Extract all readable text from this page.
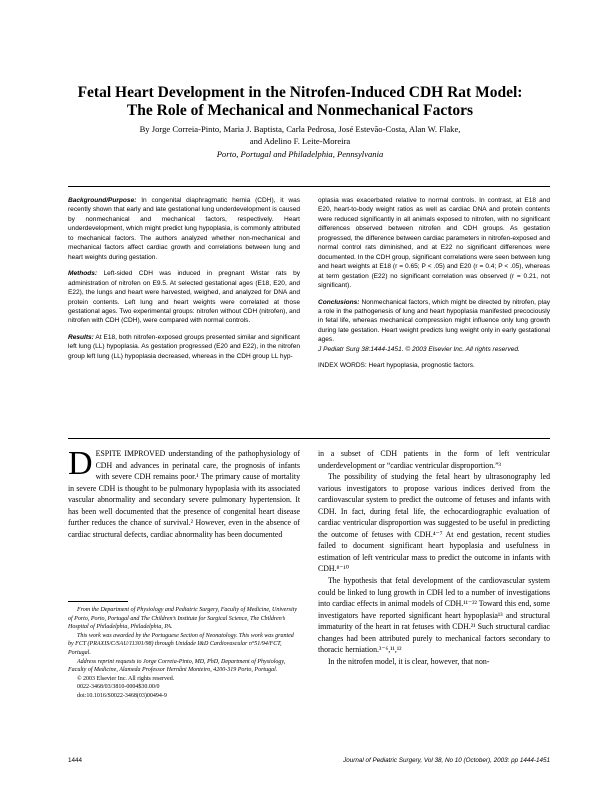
Fetal Heart Development in the Nitrofen-Induced CDH Rat Model:
The Role of Mechanical and Nonmechanical Factors
By Jorge Correia-Pinto, Maria J. Baptista, Carla Pedrosa, José Estevão-Costa, Alan W. Flake,
and Adelino F. Leite-Moreira
Porto, Portugal and Philadelphia, Pennsylvania

Background/Purpose: In congenital diaphragmatic hernia (CDH), it was recently shown that early and late gestational lung underdevelopment is caused by nonmechanical and mechanical factors, respectively. Heart underdevelopment, which might predict lung hypoplasia, is commonly attributed to mechanical factors. The authors analyzed whether non-mechanical and mechanical factors affect cardiac growth and correlations between lung and heart weights during gestation.

Methods: Left-sided CDH was induced in pregnant Wistar rats by administration of nitrofen on E9.5. At selected gestational ages (E18, E20, and E22), the lungs and heart were harvested, weighed, and analyzed for DNA and protein contents. Left lung and heart weights were correlated at those gestational ages. Two experimental groups: nitrofen without CDH (nitrofen), and nitrofen with CDH (CDH), were compared with normal controls.

Results: At E18, both nitrofen-exposed groups presented similar and significant left lung (LL) hypoplasia. As gestation progressed (E20 and E22), in the nitrofen group left lung (LL) hypoplasia decreased, whereas in the CDH group LL hyp-

oplasia was exacerbated relative to normal controls. In contrast, at E18 and E20, heart-to-body weight ratios as well as cardiac DNA and protein contents were reduced significantly in all animals exposed to nitrofen, with no significant differences observed between nitrofen and CDH groups. As gestation progressed, the difference between cardiac parameters in nitrofen-exposed and normal control rats diminished, and at E22 no significant differences were documented. In the CDH group, significant correlations were seen between lung and heart weights at E18 (r = 0.65; P < .05) and E20 (r = 0.4; P < .05), whereas at term gestation (E22) no significant correlation was observed (r = 0.21, not significant).

Conclusions: Nonmechanical factors, which might be directed by nitrofen, play a role in the pathogenesis of lung and heart hypoplasia manifested precociously in fetal life, whereas mechanical compression might influence only lung growth during late gestation. Heart weight predicts lung weight only in early gestational ages.
J Pediatr Surg 38:1444-1451. © 2003 Elsevier Inc. All rights reserved.

INDEX WORDS: Heart hypoplasia, prognostic factors.

DESPITE IMPROVED understanding of the pathophysiology of CDH and advances in perinatal care, the prognosis of infants with severe CDH remains poor.¹ The primary cause of mortality in severe CDH is thought to be pulmonary hypoplasia with its associated vascular abnormality and secondary severe pulmonary hypertension. It has been well documented that the presence of congenital heart disease further reduces the chance of survival.² However, even in the absence of cardiac structural defects, cardiac abnormality has been documented

From the Department of Physiology and Pediatric Surgery, Faculty of Medicine, University of Porto, Porto, Portugal and The Children’s Institute for Surgical Science, The Children’s Hospital of Philadelphia, Philadelphia, PA.

This work was awarded by the Portuguese Section of Neonatology. This work was granted by FCT (PRAXIS/C/SAU/11301/98) through Unidade I&D Cardiovascular n°51/94/FCT, Portugal.

Address reprint requests to Jorge Correia-Pinto, MD, PhD, Department of Physiology, Faculty of Medicine, Alameda Professor Hernâni Monteiro, 4200-319 Porto, Portugal.

© 2003 Elsevier Inc. All rights reserved.

0022-3468/03/3810-0004$30.00/0

doi:10.1016/S0022-3468(03)00494-9

in a subset of CDH patients in the form of left ventricular underdevelopment or “cardiac ventricular disproportion.”³

The possibility of studying the fetal heart by ultrasonography led various investigators to propose various indices derived from the cardiovascular system to predict the outcome of fetuses and infants with CDH. In fact, during fetal life, the echocardiographic evaluation of cardiac ventricular disproportion was suggested to be useful in predicting the outcome of fetuses with CDH.⁴⁻⁷ At end gestation, recent studies failed to document significant heart hypoplasia and usefulness in estimation of left ventricular mass to predict the outcome in infants with CDH.⁸⁻¹⁰

The hypothesis that fetal development of the cardiovascular system could be linked to lung growth in CDH led to a number of investigations into cardiac effects in animal models of CDH.¹¹⁻²² Toward this end, some investigators have reported significant heart hypoplasia¹³ and structural immaturity of the heart in rat fetuses with CDH.²¹ Such structural cardiac changes had been attributed purely to mechanical factors secondary to thoracic herniation.³⁻⁶,¹¹,¹²

In the nitrofen model, it is clear, however, that non-

1444	Journal of Pediatric Surgery, Vol 38, No 10 (October), 2003: pp 1444-1451
